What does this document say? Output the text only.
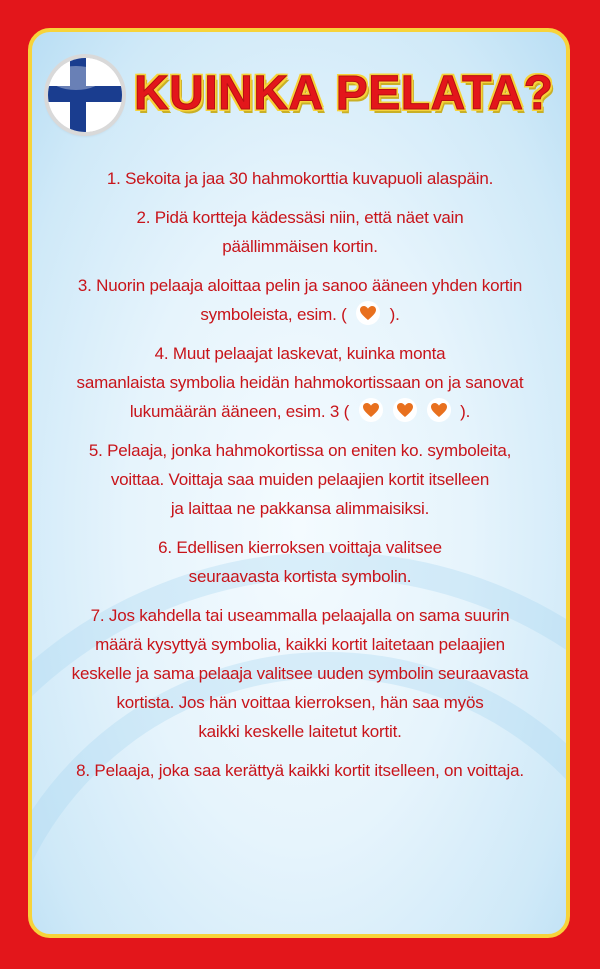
KUINKA PELATA?
1. Sekoita ja jaa 30 hahmokorttia kuvapuoli alaspäin.
2. Pidä kortteja kädessäsi niin, että näet vain
päällimmäisen kortin.
3. Nuorin pelaaja aloittaa pelin ja sanoo ääneen yhden kortin
symboleista, esim. (
).
4. Muut pelaajat laskevat, kuinka monta
samanlaista symbolia heidän hahmokortissaan on ja sanovat
lukumäärän ääneen, esim. 3 (	).
5. Pelaaja, jonka hahmokortissa on eniten ko. symboleita,
voittaa. Voittaja saa muiden pelaajien kortit itselleen
ja laittaa ne pakkansa alimmaisiksi.
6. Edellisen kierroksen voittaja valitsee
seuraavasta kortista symbolin.
7. Jos kahdella tai useammalla pelaajalla on sama suurin
määrä kysyttyä symbolia, kaikki kortit laitetaan pelaajien
keskelle ja sama pelaaja valitsee uuden symbolin seuraavasta
kortista. Jos hän voittaa kierroksen, hän saa myös
kaikki keskelle laitetut kortit.
8. Pelaaja, joka saa kerättyä kaikki kortit itselleen, on voittaja.
